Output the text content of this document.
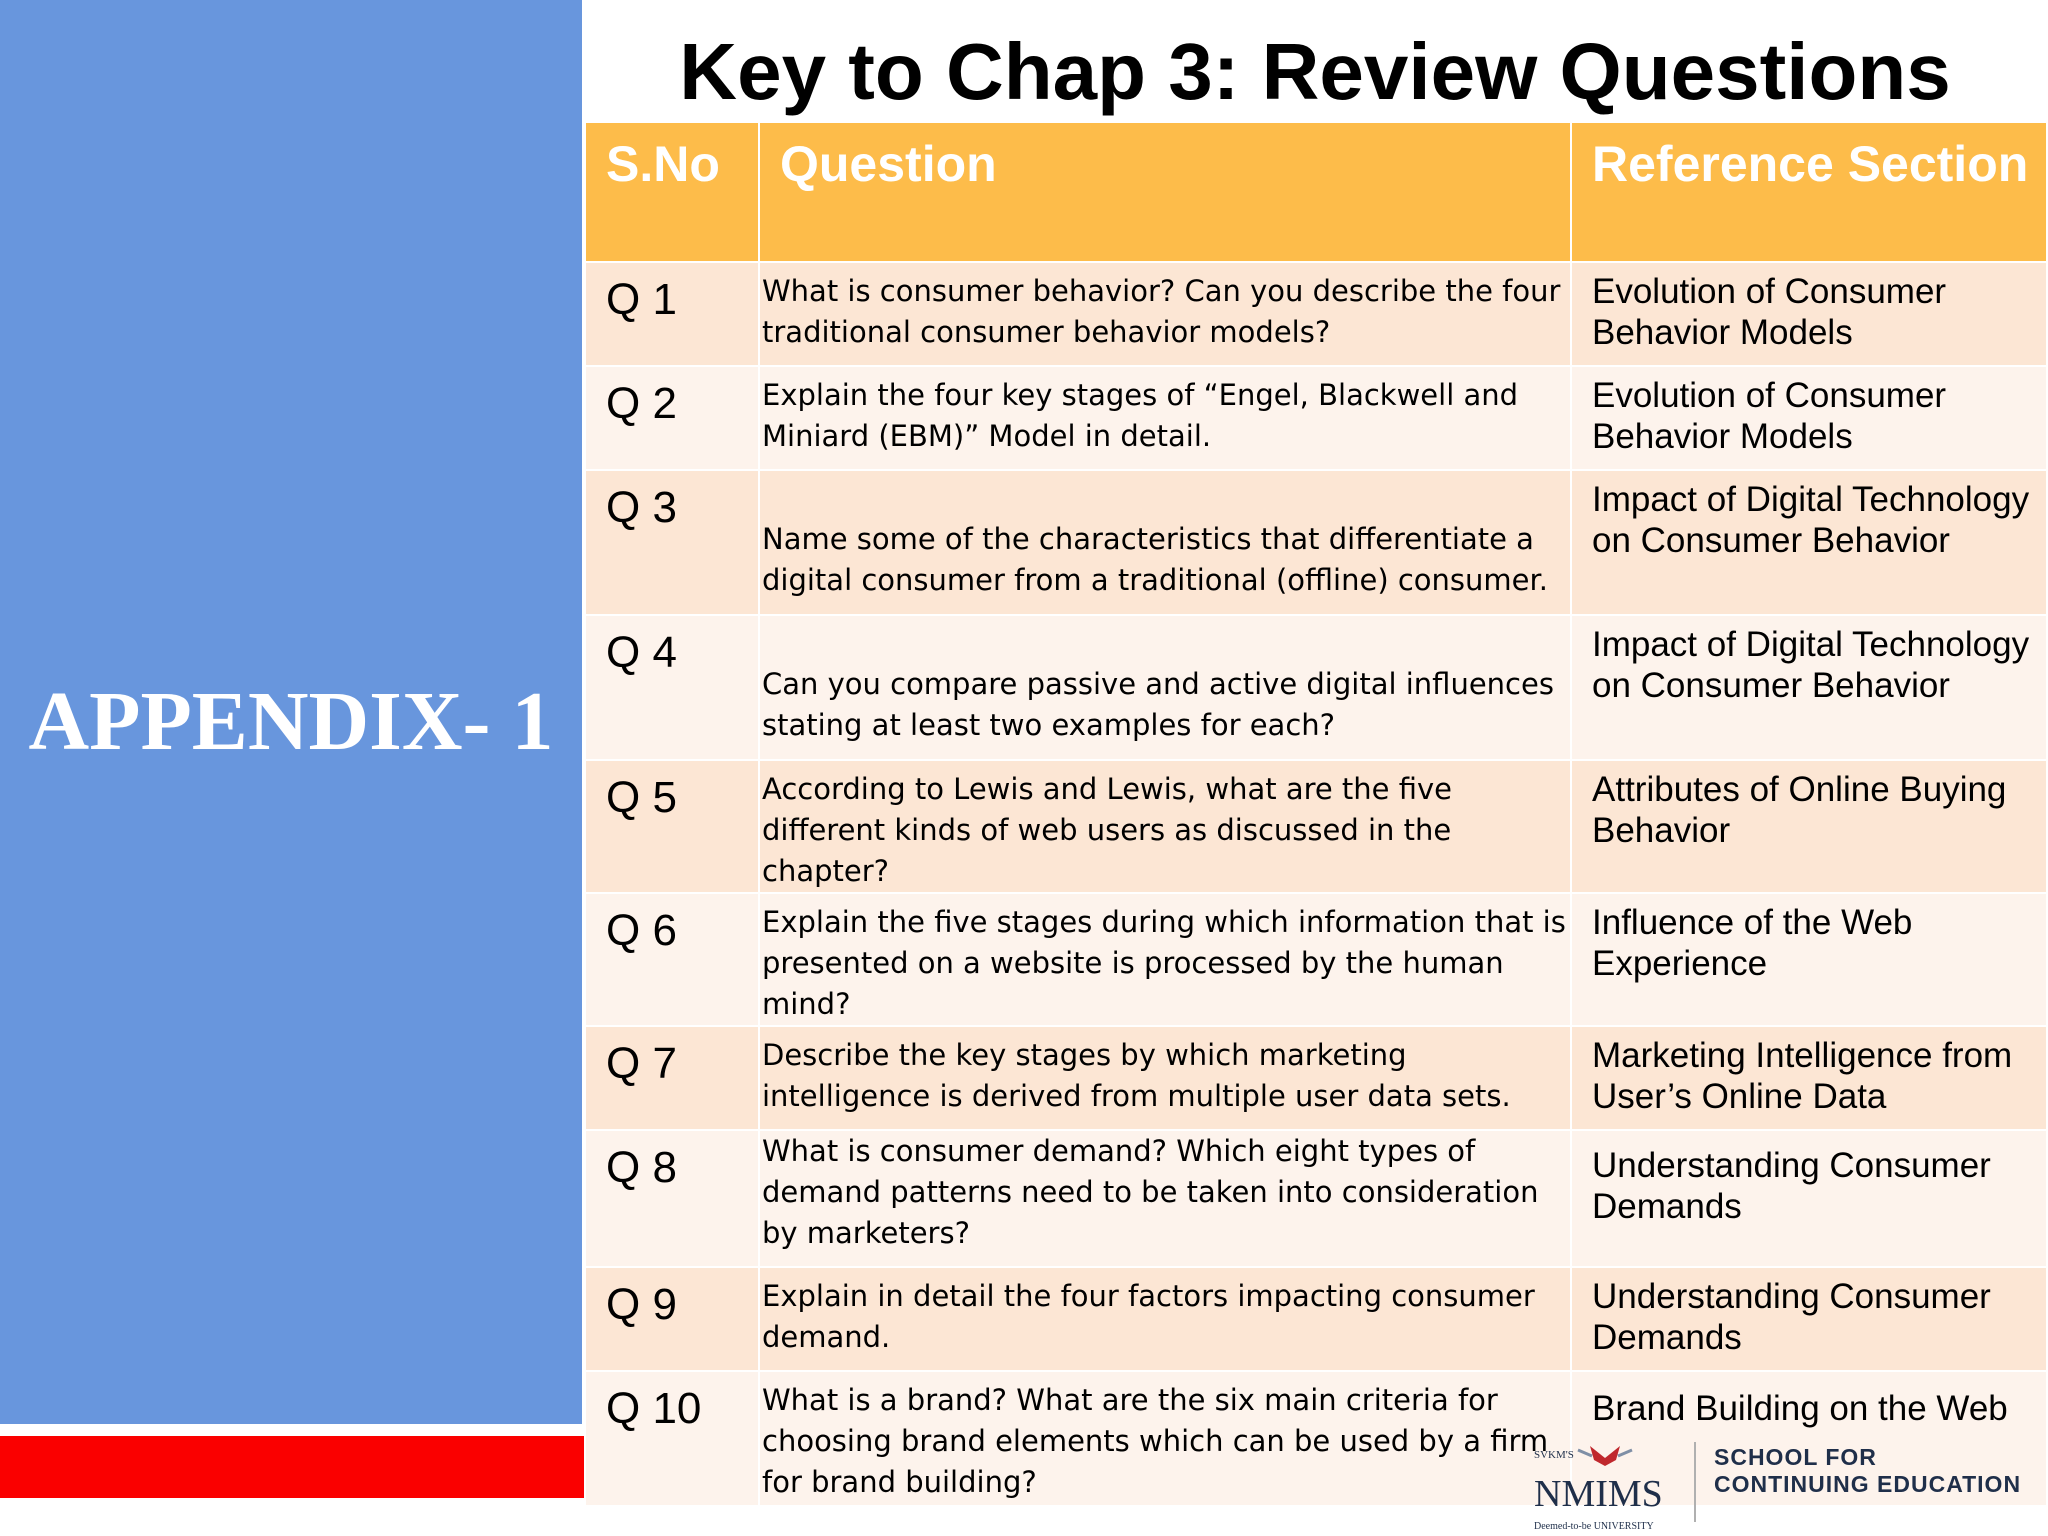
APPENDIX- 1
Key to Chap 3: Review Questions
S.No	Question	Reference Section
Q 1	What is consumer behavior? Can you describe the four traditional consumer behavior models?	Evolution of Consumer Behavior Models
Q 2	Explain the four key stages of “Engel, Blackwell and Miniard (EBM)” Model in detail.	Evolution of Consumer Behavior Models
Q 3	Name some of the characteristics that differentiate a digital consumer from a traditional (offline) consumer.	Impact of Digital Technology on Consumer Behavior
Q 4	Can you compare passive and active digital influences stating at least two examples for each?	Impact of Digital Technology on Consumer Behavior
Q 5	According to Lewis and Lewis, what are the five different kinds of web users as discussed in the chapter?	Attributes of Online Buying Behavior
Q 6	Explain the five stages during which information that is presented on a website is processed by the human mind?	Influence of the Web Experience
Q 7	Describe the key stages by which marketing intelligence is derived from multiple user data sets.	Marketing Intelligence from User’s Online Data
Q 8	What is consumer demand? Which eight types of demand patterns need to be taken into consideration by marketers?	Understanding Consumer Demands
Q 9	Explain in detail the four factors impacting consumer demand.	Understanding Consumer Demands
Q 10	What is a brand? What are the six main criteria for choosing brand elements which can be used by a firm for brand building?	Brand Building on the Web
SVKM'S
NMIMS
Deemed-to-be UNIVERSITY
SCHOOL FOR
CONTINUING EDUCATION
